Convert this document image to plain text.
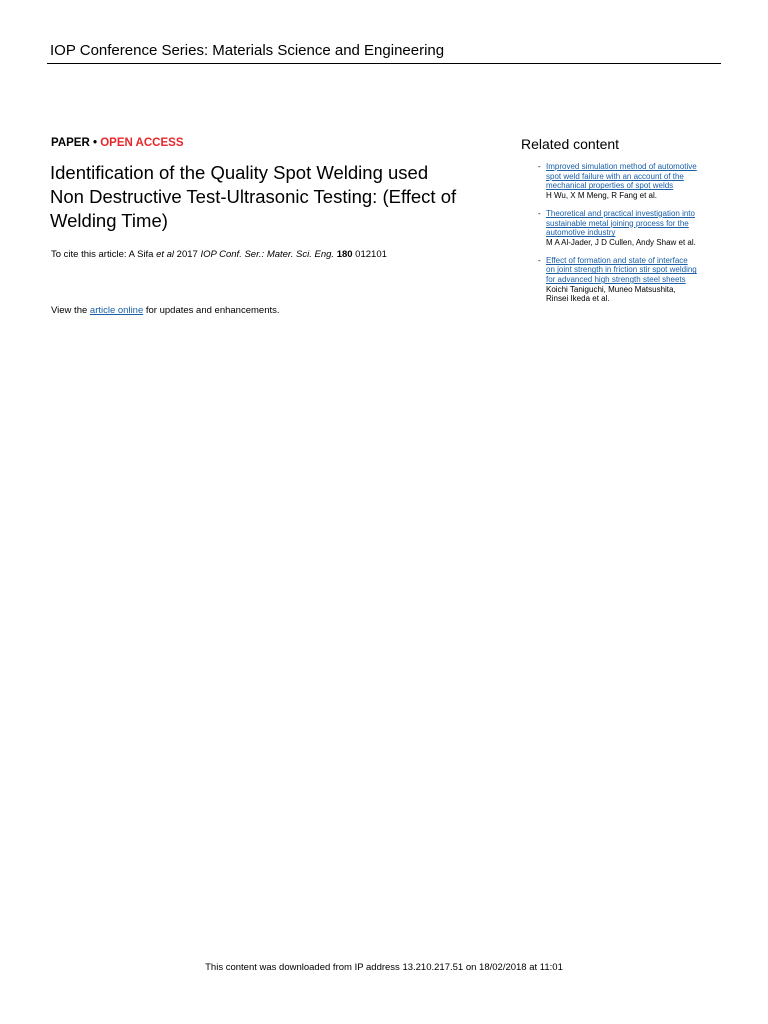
IOP Conference Series: Materials Science and Engineering
PAPER • OPEN ACCESS
Identification of the Quality Spot Welding used
Non Destructive Test-Ultrasonic Testing: (Effect of
Welding Time)
To cite this article: A Sifa et al 2017 IOP Conf. Ser.: Mater. Sci. Eng. 180 012101
View the article online for updates and enhancements.
Related content
- Improved simulation method of automotive
spot weld failure with an account of the
mechanical properties of spot welds
H Wu, X M Meng, R Fang et al.
- Theoretical and practical investigation into
sustainable metal joining process for the
automotive industry
M A Al-Jader, J D Cullen, Andy Shaw et al.
- Effect of formation and state of interface
on joint strength in friction stir spot welding
for advanced high strength steel sheets
Koichi Taniguchi, Muneo Matsushita,
Rinsei Ikeda et al.
This content was downloaded from IP address 13.210.217.51 on 18/02/2018 at 11:01
